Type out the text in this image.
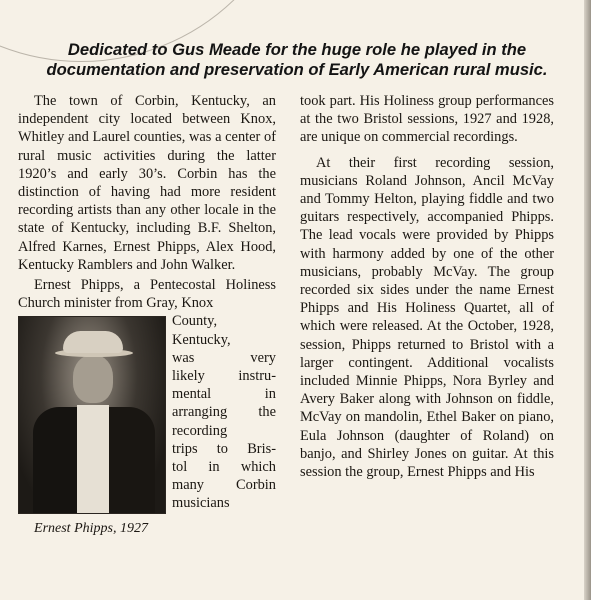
Dedicated to Gus Meade for the huge role he played in the documentation and preservation of Early American rural music.

The town of Corbin, Kentucky, an independent city located between Knox, Whitley and Laurel counties, was a center of rural music activities during the latter 1920’s and early 30’s. Corbin has the distinction of having had more resident recording artists than any other locale in the state of Kentucky, including B.F. Shelton, Alfred Karnes, Ernest Phipps, Alex Hood, Kentucky Ramblers and John Walker.

Ernest Phipps, a Pentecostal Holiness Church minister from Gray, Knox

Ernest Phipps, 1927
County,
Kentucky,
was very
likely instru-
mental in
arranging the
recording
trips to Bris-
tol in which
many Corbin
musicians

took part. His Holiness group performances at the two Bristol sessions, 1927 and 1928, are unique on commercial recordings.

At their first recording session, musicians Roland Johnson, Ancil McVay and Tommy Helton, playing fiddle and two guitars respectively, accompanied Phipps. The lead vocals were provided by Phipps with harmony added by one of the other musicians, probably McVay. The group recorded six sides under the name Ernest Phipps and His Holiness Quartet, all of which were released. At the October, 1928, session, Phipps returned to Bristol with a larger contingent. Additional vocalists included Minnie Phipps, Nora Byrley and Avery Baker along with Johnson on fiddle, McVay on mandolin, Ethel Baker on piano, Eula Johnson (daughter of Roland) on banjo, and Shirley Jones on guitar. At this session the group, Ernest Phipps and His
